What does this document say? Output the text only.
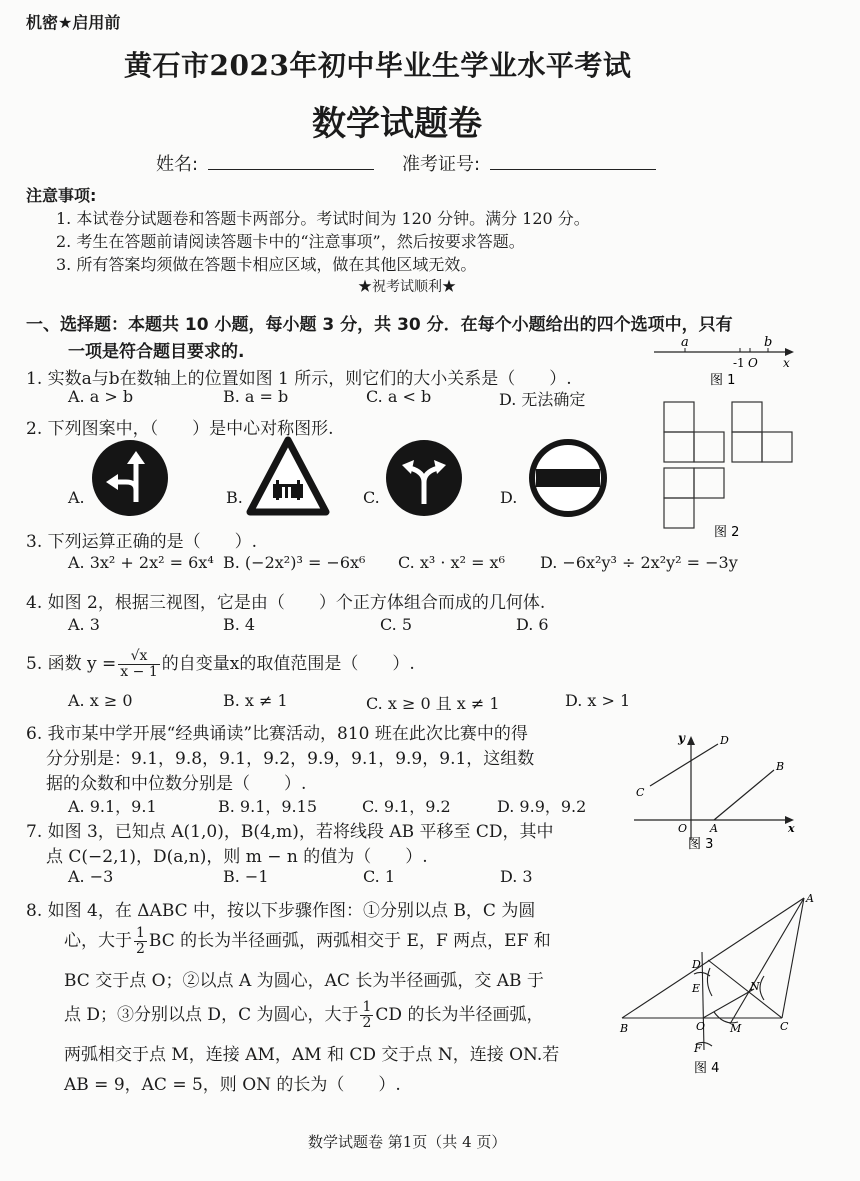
机密★启用前
黄石市2023年初中毕业生学业水平考试
数学试题卷
姓名:	准考证号:
注意事项:
1. 本试卷分试题卷和答题卡两部分。考试时间为 120 分钟。满分 120 分。
2. 考生在答题前请阅读答题卡中的“注意事项”，然后按要求答题。
3. 所有答案均须做在答题卡相应区域，做在其他区域无效。
★祝考试顺利★
一、选择题：本题共 10 小题，每小题 3 分，共 30 分．在每个小题给出的四个选项中，只有
一项是符合题目要求的.
1. 实数a与b在数轴上的位置如图 1 所示，则它们的大小关系是（　　）.
A. a > b	B. a = b	C. a < b	D. 无法确定
a	b
-1 O x
图 1
2. 下列图案中，（　　）是中心对称图形.
A.	B.	C.	D.
图 2
3. 下列运算正确的是（　　）.
A. 3x² + 2x² = 6x⁴ B. (−2x²)³ = −6x⁶ C. x³ · x² = x⁶ D. −6x²y³ ÷ 2x²y² = −3y
4. 如图 2，根据三视图，它是由（　　）个正方体组合而成的几何体.
A. 3	B. 4	C. 5	D. 6
5. 函数 $y = \frac{√x}{x - 1}$ 的自变量x的取值范围是（　　）.
A. x ≥ 0	B. x ≠ 1	C. x ≥ 0 且 x ≠ 1	D. x > 1
6. 我市某中学开展“经典诵读”比赛活动，810 班在此次比赛中的得
分分别是：9.1，9.8，9.1，9.2，9.9，9.1，9.9，9.1，这组数
据的众数和中位数分别是（　　）.
A. 9.1，9.1	B. 9.1，9.15	C. 9.1，9.2	D. 9.9，9.2
y	D
B
C
O A	x
图 3
7. 如图 3，已知点 A(1,0)，B(4,m)，若将线段 AB 平移至 CD，其中
点 C(−2,1)，D(a,n)，则 m − n 的值为（　　）.
A. −3	B. −1	C. 1	D. 3
8. 如图 4，在 ΔABC 中，按以下步骤作图：①分别以点 B，C 为圆
心，大于 $\frac{1}{2}$ BC 的长为半径画弧，两弧相交于 E，F 两点，EF 和
BC 交于点 O；②以点 A 为圆心，AC 长为半径画弧，交 AB 于
点 D；③分别以点 D，C 为圆心，大于 $\frac{1}{2}$ CD 的长为半径画弧，
两弧相交于点 M，连接 AM，AM 和 CD 交于点 N，连接 ON.若
AB = 9，AC = 5，则 ON 的长为（　　）.
A
B	C
D
E
F
O M
N
图 4
数学试题卷 第1页（共 4 页）
